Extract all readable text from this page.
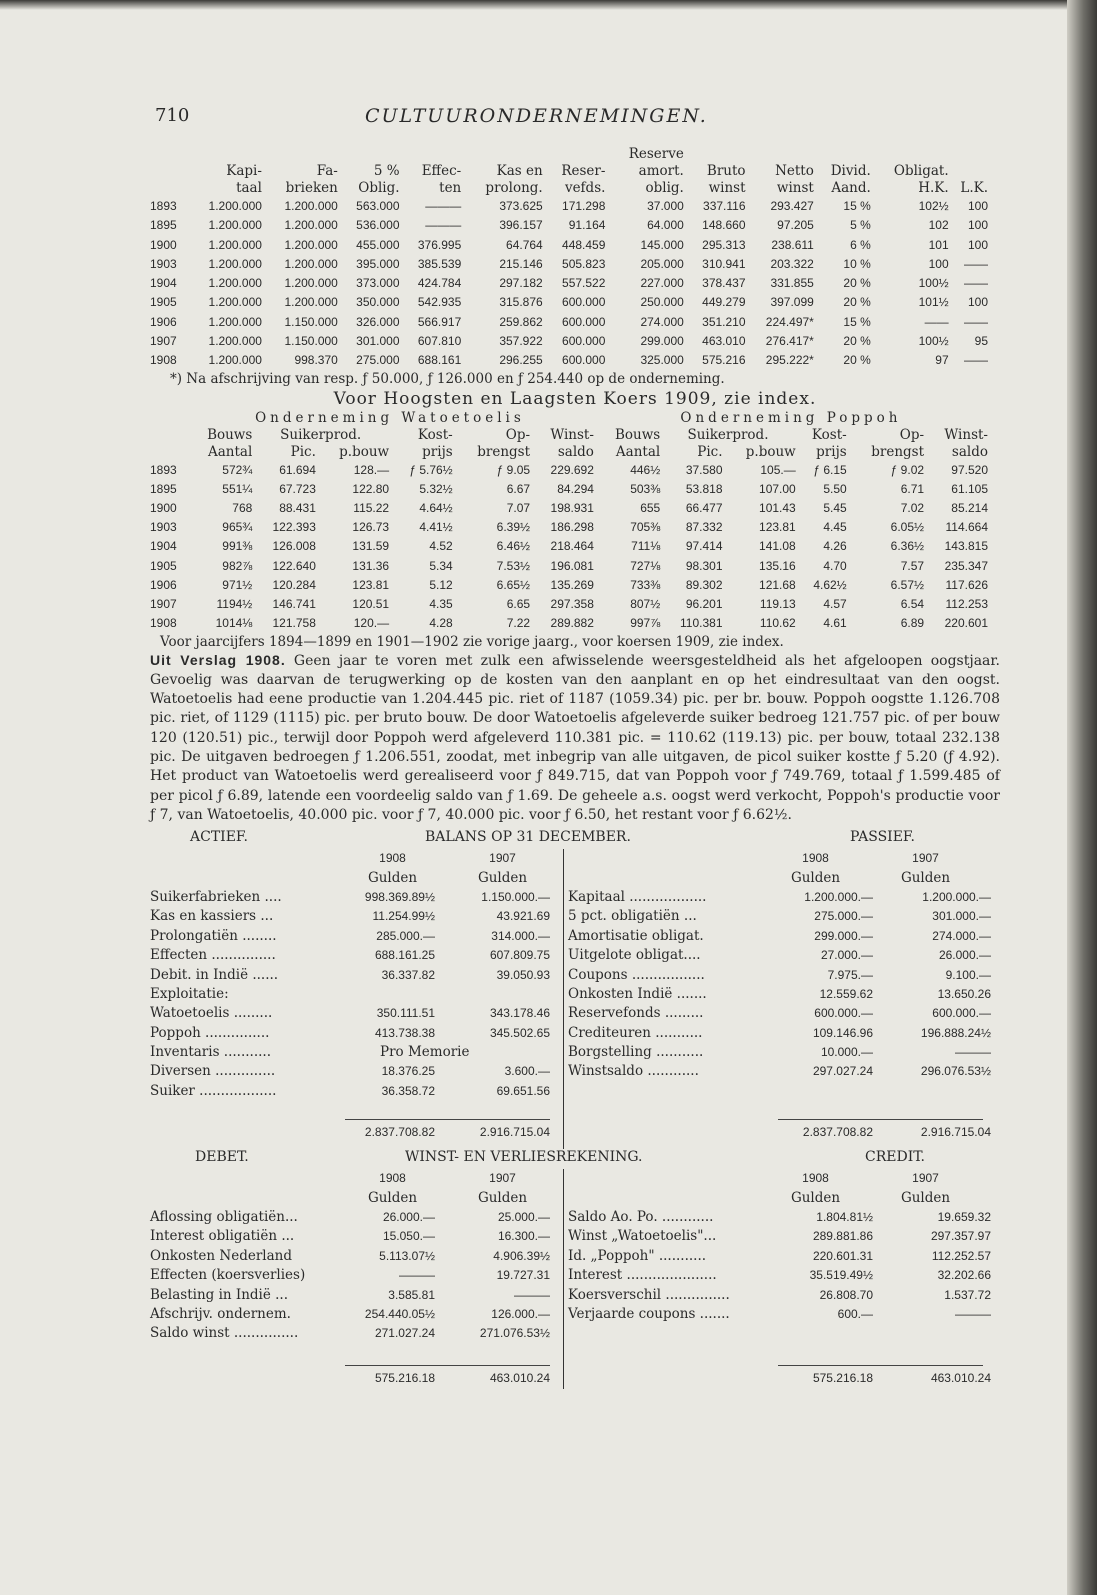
710	CULTUURONDERNEMINGEN.
							Reserve					
	Kapi-	Fa-	5 %	Effec-	Kas en	Reser-	amort.	Bruto	Netto	Divid.	Obligat.	
	taal	brieken	Oblig.	ten	prolong.	vefds.	oblig.	winst	winst	Aand.	H.K.	L.K.
1893	1.200.000	1.200.000	563.000	———	373.625	171.298	37.000	337.116	293.427	15 %	102½	100
1895	1.200.000	1.200.000	536.000	———	396.157	91.164	64.000	148.660	97.205	5 %	102	100
1900	1.200.000	1.200.000	455.000	376.995	64.764	448.459	145.000	295.313	238.611	6 %	101	100
1903	1.200.000	1.200.000	395.000	385.539	215.146	505.823	205.000	310.941	203.322	10 %	100	——
1904	1.200.000	1.200.000	373.000	424.784	297.182	557.522	227.000	378.437	331.855	20 %	100½	——
1905	1.200.000	1.200.000	350.000	542.935	315.876	600.000	250.000	449.279	397.099	20 %	101½	100
1906	1.200.000	1.150.000	326.000	566.917	259.862	600.000	274.000	351.210	224.497*	15 %	——	——
1907	1.200.000	1.150.000	301.000	607.810	357.922	600.000	299.000	463.010	276.417*	20 %	100½	95
1908	1.200.000	998.370	275.000	688.161	296.255	600.000	325.000	575.216	295.222*	20 %	97	——

*) Na afschrijving van resp. ƒ 50.000, ƒ 126.000 en ƒ 254.440 op de onderneming.

Voor Hoogsten en Laagsten Koers 1909, zie index.

	Onderneming Watoetoelis						Onderneming Poppoh					
	Bouws	Suikerprod.		Kost-	Op-	Winst-	Bouws	Suikerprod.		Kost-	Op-	Winst-
	Aantal	Pic.	p.bouw	prijs	brengst	saldo	Aantal	Pic.	p.bouw	prijs	brengst	saldo
1893	572¾	61.694	128.—	ƒ 5.76½	ƒ 9.05	229.692	446½	37.580	105.—	ƒ 6.15	ƒ 9.02	97.520
1895	551¼	67.723	122.80	5.32½	6.67	84.294	503⅜	53.818	107.00	5.50	6.71	61.105
1900	768	88.431	115.22	4.64½	7.07	198.931	655	66.477	101.43	5.45	7.02	85.214
1903	965¾	122.393	126.73	4.41½	6.39½	186.298	705⅜	87.332	123.81	4.45	6.05½	114.664
1904	991⅜	126.008	131.59	4.52	6.46½	218.464	711⅛	97.414	141.08	4.26	6.36½	143.815
1905	982⅞	122.640	131.36	5.34	7.53½	196.081	727⅛	98.301	135.16	4.70	7.57	235.347
1906	971½	120.284	123.81	5.12	6.65½	135.269	733⅜	89.302	121.68	4.62½	6.57½	117.626
1907	1194½	146.741	120.51	4.35	6.65	297.358	807½	96.201	119.13	4.57	6.54	112.253
1908	1014⅛	121.758	120.—	4.28	7.22	289.882	997⅞	110.381	110.62	4.61	6.89	220.601

Voor jaarcijfers 1894—1899 en 1901—1902 zie vorige jaarg., voor koersen 1909, zie index.

Uit Verslag 1908. Geen jaar te voren met zulk een afwisselende weersgesteldheid als het afgeloopen oogstjaar. Gevoelig was daarvan de terugwerking op de kosten van den aanplant en op het eindresultaat van den oogst. Watoetoelis had eene productie van 1.204.445 pic. riet of 1187 (1059.34) pic. per br. bouw. Poppoh oogstte 1.126.708 pic. riet, of 1129 (1115) pic. per bruto bouw. De door Watoetoelis afgeleverde suiker bedroeg 121.757 pic. of per bouw 120 (120.51) pic., terwijl door Poppoh werd afgeleverd 110.381 pic. = 110.62 (119.13) pic. per bouw, totaal 232.138 pic. De uitgaven bedroegen ƒ 1.206.551, zoodat, met inbegrip van alle uitgaven, de picol suiker kostte ƒ 5.20 (ƒ 4.92). Het product van Watoetoelis werd gerealiseerd voor ƒ 849.715, dat van Poppoh voor ƒ 749.769, totaal ƒ 1.599.485 of per picol ƒ 6.89, latende een voordeelig saldo van ƒ 1.69. De geheele a.s. oogst werd verkocht, Poppoh's productie voor ƒ 7, van Watoetoelis, 40.000 pic. voor ƒ 7, 40.000 pic. voor ƒ 6.50, het restant voor ƒ 6.62½.

ACTIEF.	BALANS OP 31 DECEMBER.	PASSIEF.
1908	1907
Gulden	Gulden
Suikerfabrieken ....	998.369.89½	1.150.000.—
Kas en kassiers ...	11.254.99½	43.921.69
Prolongatiën ........	285.000.—	314.000.—
Effecten ...............	688.161.25	607.809.75
Debit. in Indië ......	36.337.82	39.050.93
Exploitatie:
Watoetoelis .........	350.111.51	343.178.46
Poppoh ...............	413.738.38	345.502.65
Inventaris ...........	Pro Memorie
Diversen ..............	18.376.25	3.600.—
Suiker ..................	36.358.72	69.651.56
2.837.708.82	2.916.715.04
1908	1907
Gulden	Gulden
Kapitaal ..................	1.200.000.—	1.200.000.—
5 pct. obligatiën ...	275.000.—	301.000.—
Amortisatie obligat.	299.000.—	274.000.—
Uitgelote obligat....	27.000.—	26.000.—
Coupons .................	7.975.—	9.100.—
Onkosten Indië .......	12.559.62	13.650.26
Reservefonds .........	600.000.—	600.000.—
Crediteuren ...........	109.146.96	196.888.24½
Borgstelling ...........	10.000.—	———
Winstsaldo ............	297.027.24	296.076.53½
2.837.708.82	2.916.715.04
DEBET.	WINST- EN VERLIESREKENING.	CREDIT.
1908	1907
Gulden	Gulden
Aflossing obligatiën...	26.000.—	25.000.—
Interest obligatiën ...	15.050.—	16.300.—
Onkosten Nederland	5.113.07½	4.906.39½
Effecten (koersverlies)	———	19.727.31
Belasting in Indië ...	3.585.81	———
Afschrijv. ondernem.	254.440.05½	126.000.—
Saldo winst ...............	271.027.24	271.076.53½
575.216.18	463.010.24
1908	1907
Gulden	Gulden
Saldo Ao. Po. ............	1.804.81½	19.659.32
Winst „Watoetoelis"...	289.881.86	297.357.97
Id. „Poppoh" ...........	220.601.31	112.252.57
Interest .....................	35.519.49½	32.202.66
Koersverschil ...............	26.808.70	1.537.72
Verjaarde coupons .......	600.—	———
575.216.18	463.010.24
